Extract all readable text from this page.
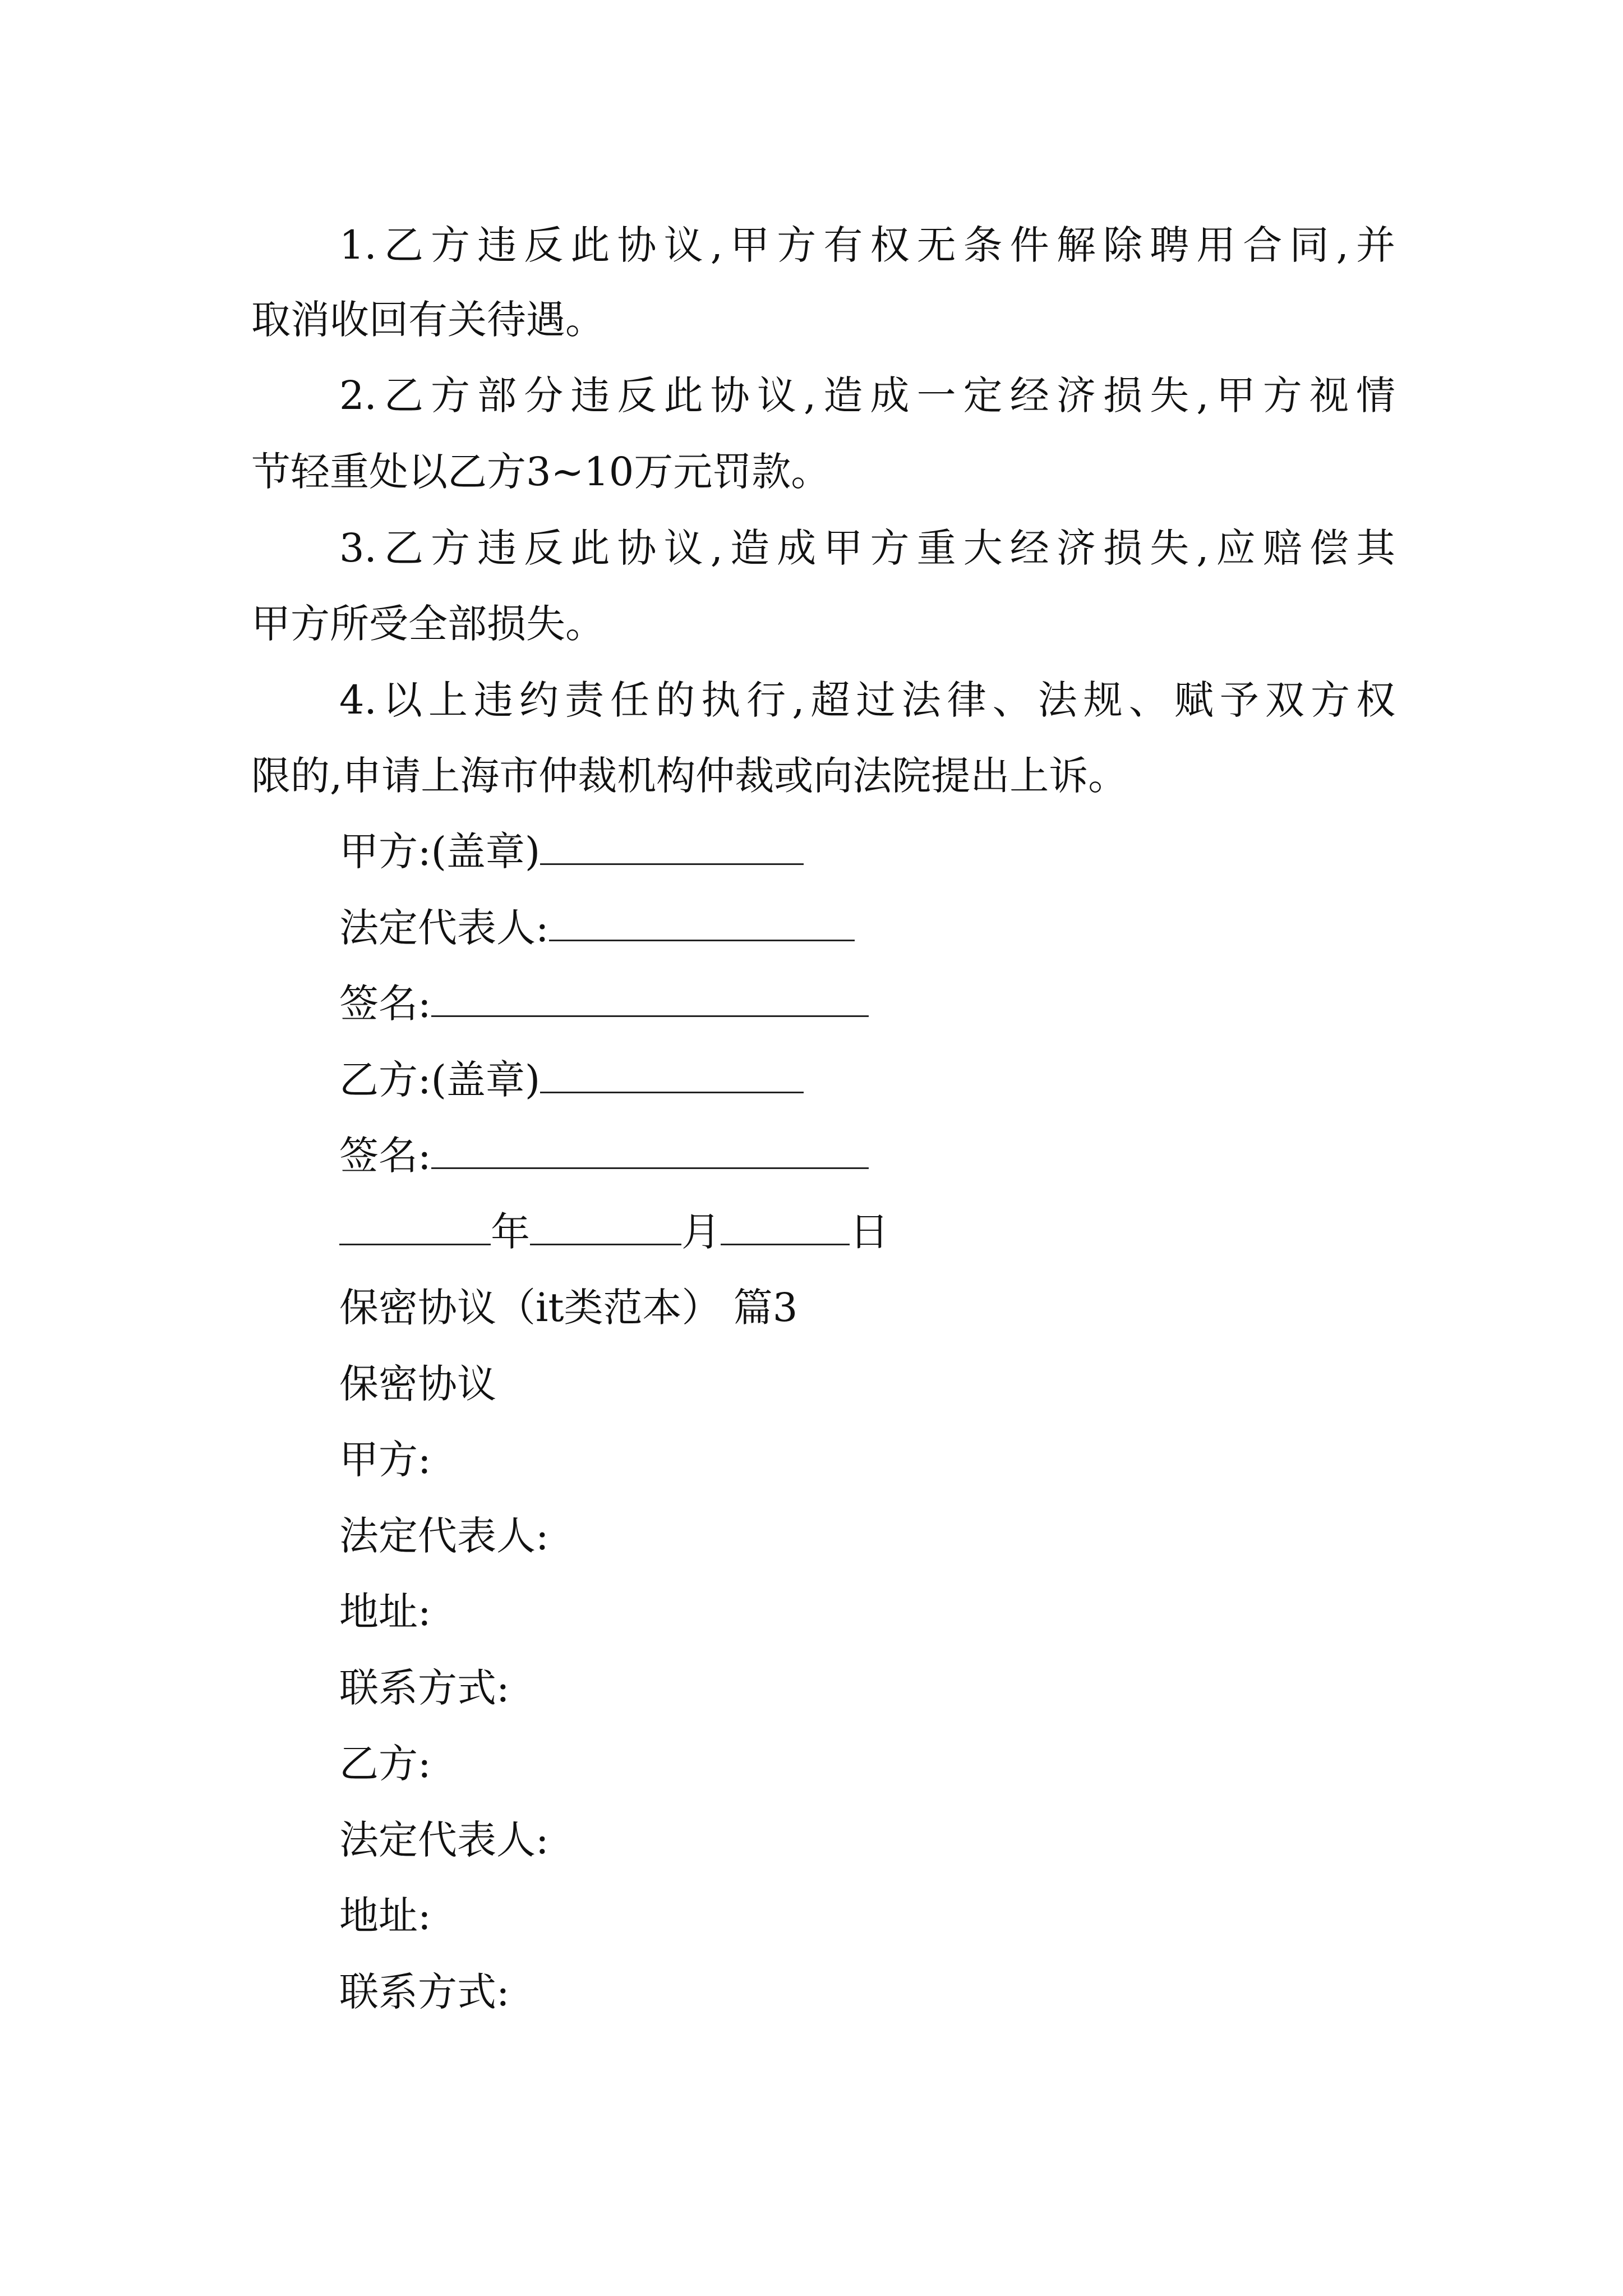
1.乙方违反此协议,甲方有权无条件解除聘用合同,并
取消收回有关待遇。
2.乙方部分违反此协议,造成一定经济损失,甲方视情
节轻重处以乙方3~10万元罚款。
3.乙方违反此协议,造成甲方重大经济损失,应赔偿其
甲方所受全部损失。
4.以上违约责任的执行,超过法律、法规、赋予双方权
限的,申请上海市仲裁机构仲裁或向法院提出上诉。
甲方:(盖章)
法定代表人:
签名:
乙方:(盖章)
签名:
年	月	日
保密协议（it类范本） 篇3
保密协议
甲方:
法定代表人:
地址:
联系方式:
乙方:
法定代表人:
地址:
联系方式:
